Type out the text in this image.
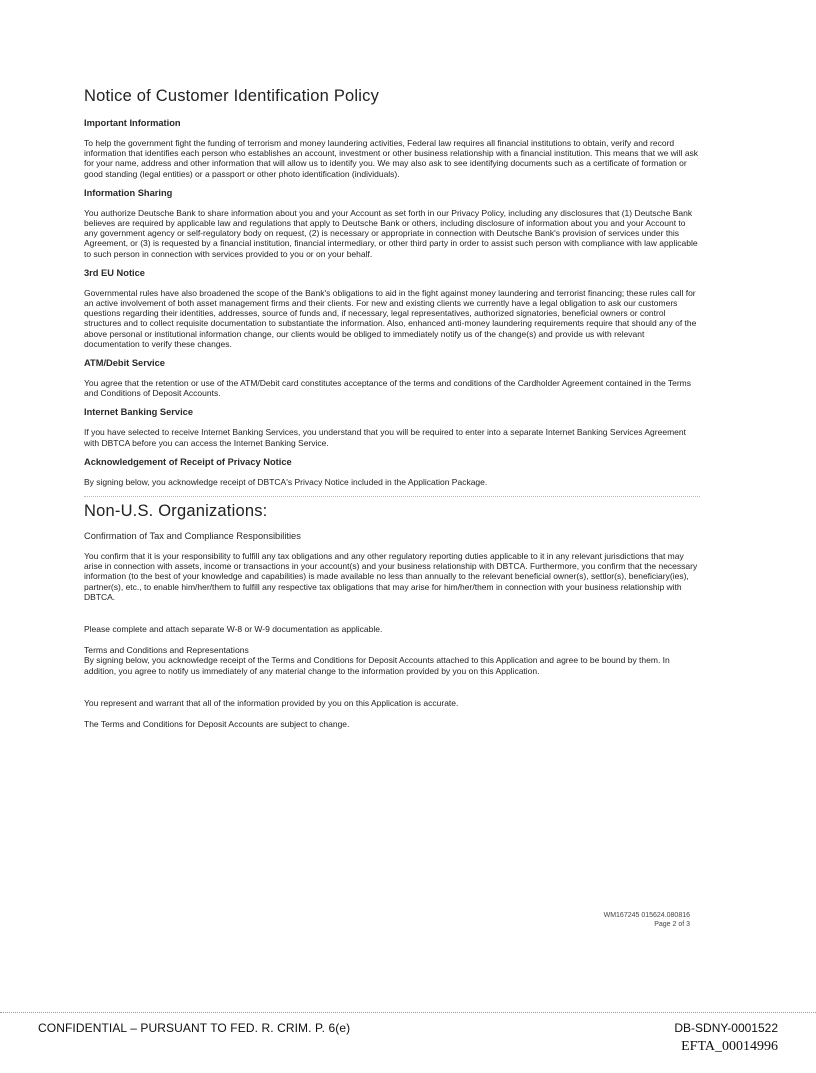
Notice of Customer Identification Policy
Important Information

To help the government fight the funding of terrorism and money laundering activities, Federal law requires all financial institutions to obtain, verify and record information that identifies each person who establishes an account, investment or other business relationship with a financial institution. This means that we will ask for your name, address and other information that will allow us to identify you. We may also ask to see identifying documents such as a certificate of formation or good standing (legal entities) or a passport or other photo identification (individuals).

Information Sharing

You authorize Deutsche Bank to share information about you and your Account as set forth in our Privacy Policy, including any disclosures that (1) Deutsche Bank believes are required by applicable law and regulations that apply to Deutsche Bank or others, including disclosure of information about you and your Account to any government agency or self-regulatory body on request, (2) is necessary or appropriate in connection with Deutsche Bank's provision of services under this Agreement, or (3) is requested by a financial institution, financial intermediary, or other third party in order to assist such person with compliance with law applicable to such person in connection with services provided to you or on your behalf.

3rd EU Notice

Governmental rules have also broadened the scope of the Bank's obligations to aid in the fight against money laundering and terrorist financing; these rules call for an active involvement of both asset management firms and their clients. For new and existing clients we currently have a legal obligation to ask our customers questions regarding their identities, addresses, source of funds and, if necessary, legal representatives, authorized signatories, beneficial owners or control structures and to collect requisite documentation to substantiate the information. Also, enhanced anti-money laundering requirements require that should any of the above personal or institutional information change, our clients would be obliged to immediately notify us of the change(s) and provide us with relevant documentation to verify these changes.

ATM/Debit Service

You agree that the retention or use of the ATM/Debit card constitutes acceptance of the terms and conditions of the Cardholder Agreement contained in the Terms and Conditions of Deposit Accounts.

Internet Banking Service

If you have selected to receive Internet Banking Services, you understand that you will be required to enter into a separate Internet Banking Services Agreement with DBTCA before you can access the Internet Banking Service.

Acknowledgement of Receipt of Privacy Notice

By signing below, you acknowledge receipt of DBTCA's Privacy Notice included in the Application Package.

Non-U.S. Organizations:
Confirmation of Tax and Compliance Responsibilities

You confirm that it is your responsibility to fulfill any tax obligations and any other regulatory reporting duties applicable to it in any relevant jurisdictions that may arise in connection with assets, income or transactions in your account(s) and your business relationship with DBTCA. Furthermore, you confirm that the necessary information (to the best of your knowledge and capabilities) is made available no less than annually to the relevant beneficial owner(s), settlor(s), beneficiary(ies), partner(s), etc., to enable him/her/them to fulfill any respective tax obligations that may arise for him/her/them in connection with your business relationship with DBTCA.

Please complete and attach separate W-8 or W-9 documentation as applicable.

Terms and Conditions and Representations

By signing below, you acknowledge receipt of the Terms and Conditions for Deposit Accounts attached to this Application and agree to be bound by them. In addition, you agree to notify us immediately of any material change to the information provided by you on this Application.

You represent and warrant that all of the information provided by you on this Application is accurate.

The Terms and Conditions for Deposit Accounts are subject to change.

WM167245 015624.080816
Page 2 of 3
CONFIDENTIAL – PURSUANT TO FED. R. CRIM. P. 6(e)	DB-SDNY-0001522
EFTA_00014996
